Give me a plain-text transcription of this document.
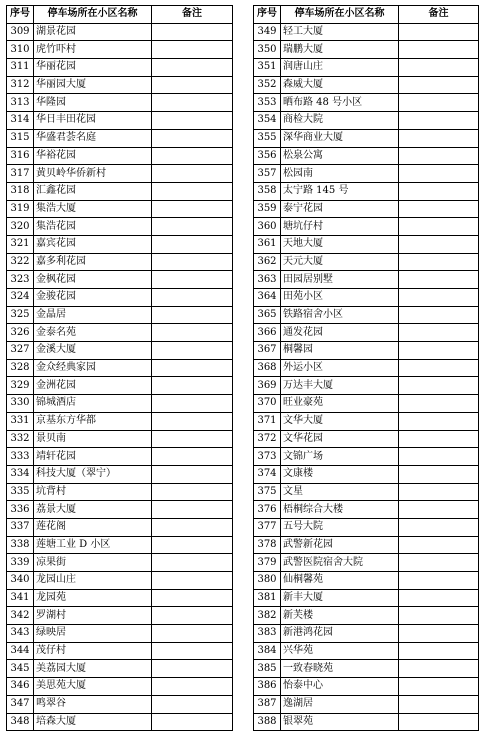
序号	停车场所在小区名称	备注
309	湖景花园	
310	虎竹吓村	
311	华丽花园	
312	华丽园大厦	
313	华隆园	
314	华日丰田花园	
315	华盛君荟名庭	
316	华裕花园	
317	黄贝岭华侨新村	
318	汇鑫花园	
319	集浩大厦	
320	集浩花园	
321	嘉宾花园	
322	嘉多利花园	
323	金枫花园	
324	金骏花园	
325	金晶居	
326	金泰名苑	
327	金溪大厦	
328	金众经典家园	
329	金洲花园	
330	锦城酒店	
331	京基东方华都	
332	景贝南	
333	靖轩花园	
334	科技大厦（翠宁）	
335	坑背村	
336	荔景大厦	
337	莲花阁	
338	莲塘工业 D 小区	
339	凉果街	
340	龙园山庄	
341	龙园苑	
342	罗湖村	
343	绿映居	
344	茂仔村	
345	美荔园大厦	
346	美思苑大厦	
347	鸣翠谷	
348	培森大厦	
序号	停车场所在小区名称	备注
349	轻工大厦	
350	瑞鹏大厦	
351	润唐山庄	
352	森威大厦	
353	晒布路 48 号小区	
354	商检大院	
355	深华商业大厦	
356	松泉公寓	
357	松园南	
358	太宁路 145 号	
359	泰宁花园	
360	塘坑仔村	
361	天地大厦	
362	天元大厦	
363	田园居别墅	
364	田苑小区	
365	铁路宿舍小区	
366	通发花园	
367	桐馨园	
368	外运小区	
369	万达丰大厦	
370	旺业豪苑	
371	文华大厦	
372	文华花园	
373	文锦广场	
374	文康楼	
375	文星	
376	梧桐综合大楼	
377	五号大院	
378	武警新花园	
379	武警医院宿舍大院	
380	仙桐馨苑	
381	新丰大厦	
382	新芙楼	
383	新港鸿花园	
384	兴华苑	
385	一致春晓苑	
386	怡泰中心	
387	逸湖居	
388	银翠苑	
